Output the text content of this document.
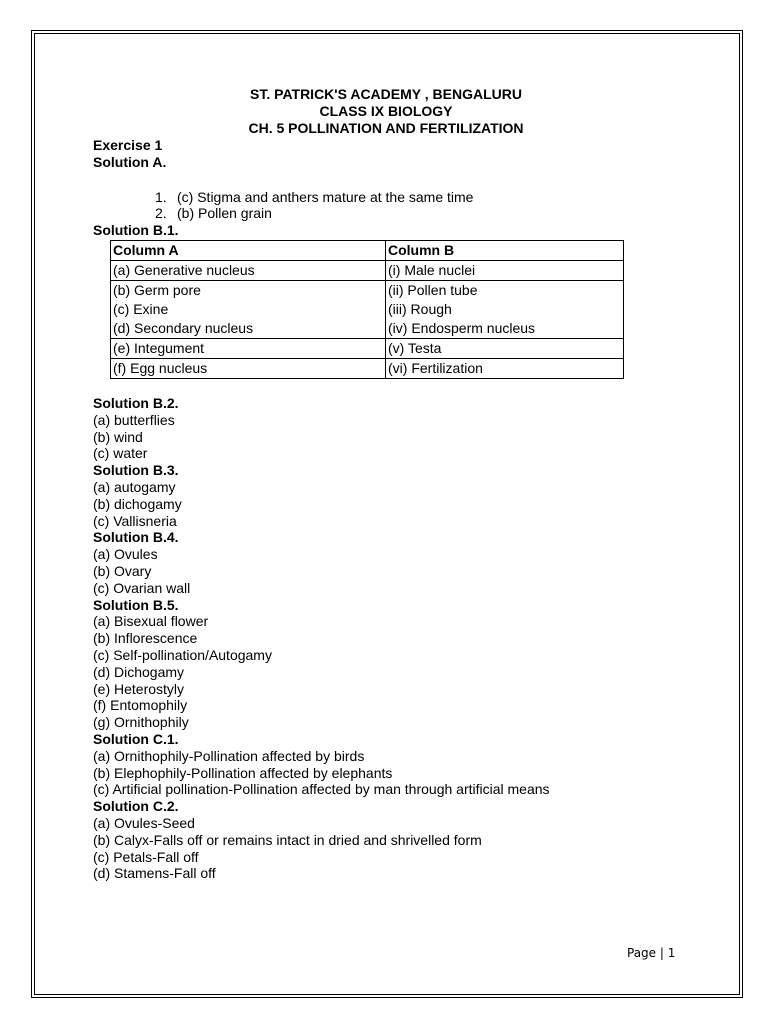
ST. PATRICK'S ACADEMY , BENGALURU
CLASS IX BIOLOGY
CH. 5 POLLINATION AND FERTILIZATION
Exercise 1
Solution A.
1. (c) Stigma and anthers mature at the same time
2. (b) Pollen grain
Solution B.1.
Column A	Column B
(a) Generative nucleus	(i) Male nuclei
(b) Germ pore	(ii) Pollen tube
(c) Exine	(iii) Rough
(d) Secondary nucleus	(iv) Endosperm nucleus
(e) Integument	(v) Testa
(f) Egg nucleus	(vi) Fertilization
Solution B.2.
(a) butterflies
(b) wind
(c) water
Solution B.3.
(a) autogamy
(b) dichogamy
(c) Vallisneria
Solution B.4.
(a) Ovules
(b) Ovary
(c) Ovarian wall
Solution B.5.
(a) Bisexual flower
(b) Inflorescence
(c) Self-pollination/Autogamy
(d) Dichogamy
(e) Heterostyly
(f) Entomophily
(g) Ornithophily
Solution C.1.
(a) Ornithophily-Pollination affected by birds
(b) Elephophily-Pollination affected by elephants
(c) Artificial pollination-Pollination affected by man through artificial means
Solution C.2.
(a) Ovules-Seed
(b) Calyx-Falls off or remains intact in dried and shrivelled form
(c) Petals-Fall off
(d) Stamens-Fall off
Page | 1
